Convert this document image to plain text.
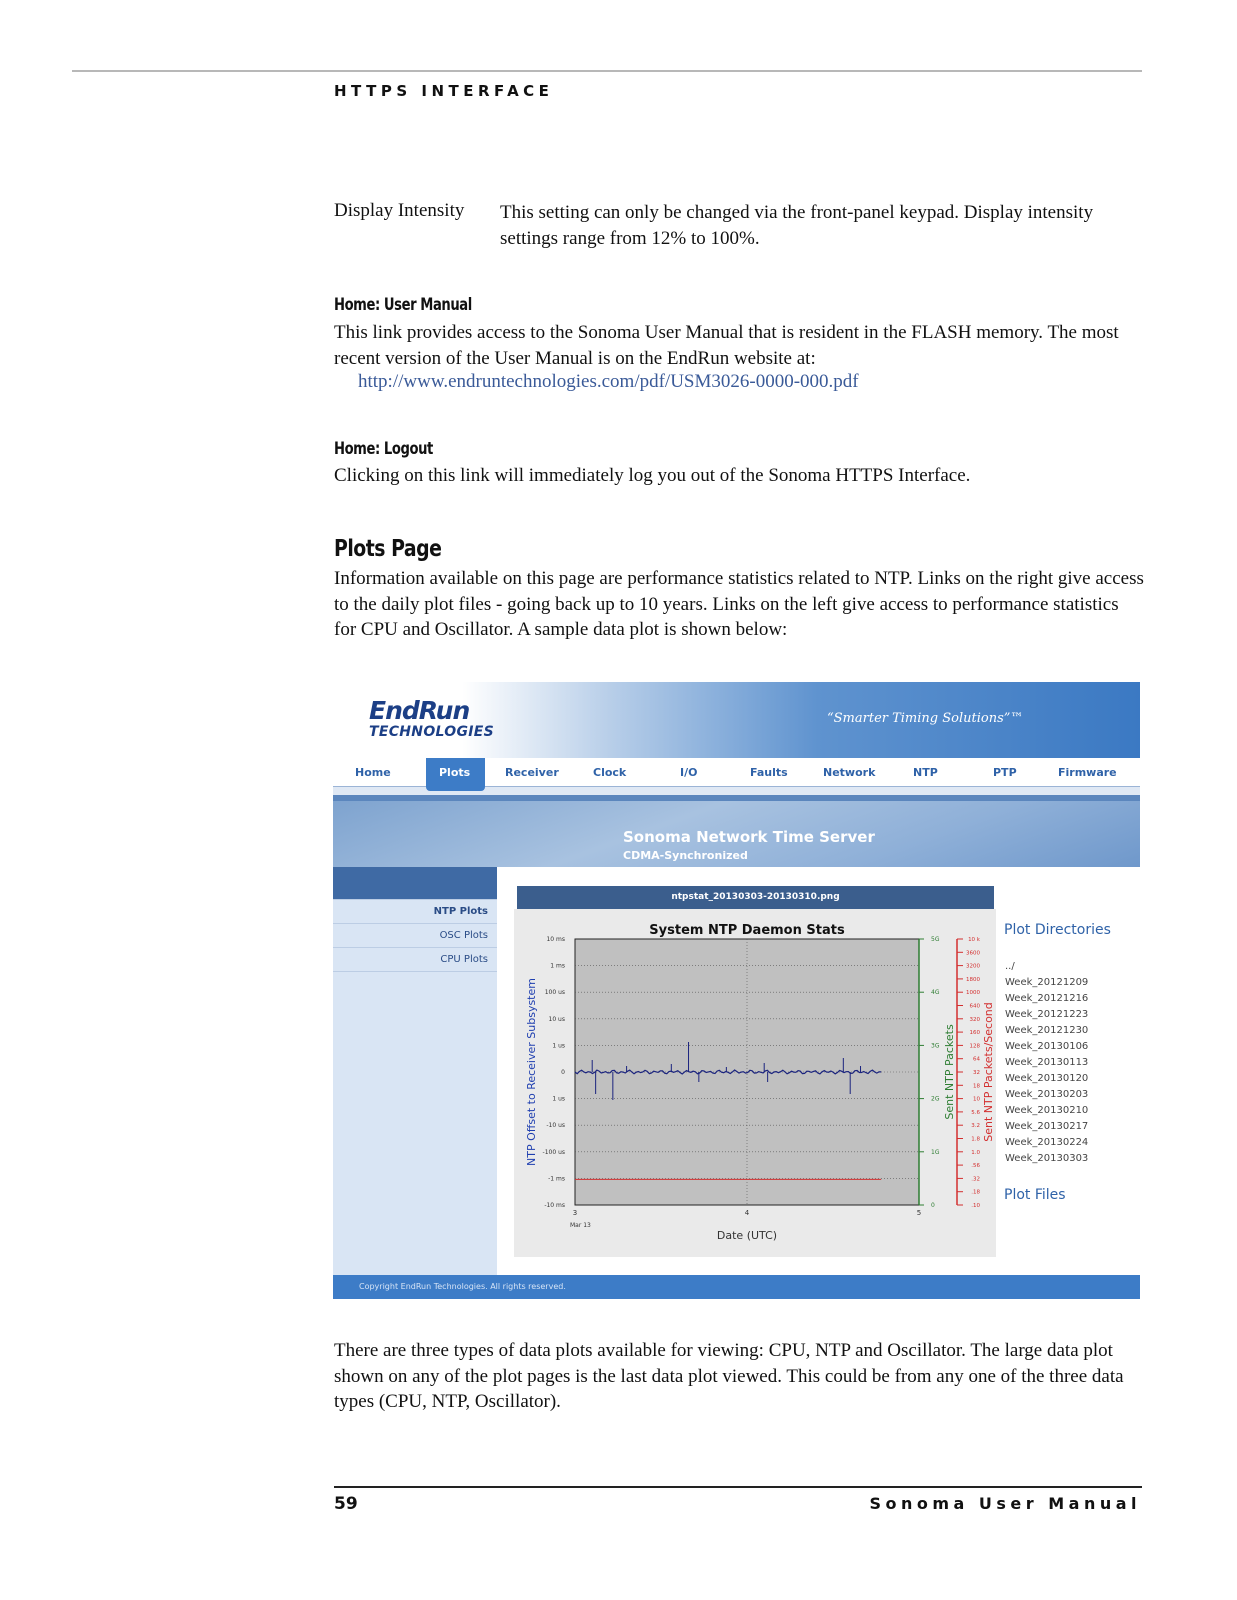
HTTPS INTERFACE
Display Intensity This setting can only be changed via the front-panel keypad. Display intensity settings range from 12% to 100%.
Home: User Manual

This link provides access to the Sonoma User Manual that is resident in the FLASH memory. The most recent version of the User Manual is on the EndRun website at:

http://www.endruntechnologies.com/pdf/USM3026-0000-000.pdf
Home: Logout

Clicking on this link will immediately log you out of the Sonoma HTTPS Interface.

Plots Page

Information available on this page are performance statistics related to NTP. Links on the right give access to the daily plot files - going back up to 10 years. Links on the left give access to performance statistics for CPU and Oscillator. A sample data plot is shown below:

EndRun
TECHNOLOGIES
“Smarter Timing Solutions”™
Home	Plots	Receiver	Clock	I/O	Faults	Network	NTP	PTP	Firmware
Sonoma Network Time Server
CDMA-Synchronized
NTP Plots
OSC Plots
CPU Plots
ntpstat_20130303-20130310.png
System NTP Daemon Stats
Date (UTC)
Mar 13
NTP Offset to Receiver Subsystem	Sent NTP Packets Sent NTP Packets/Second
10 ms
1 ms
100 us
10 us
1 us
0
1 us
-10 us
-100 us
-1 ms
-10 ms
3	4	5
5G
4G
3G
2G
1G
0
10 k
3600
3200
1800
1000
640
320
160
128
64
32
18
10
5.6
3.2
1.8
1.0
.56
.32
.18
.10
Plot Directories
../
Week_20121209
Week_20121216
Week_20121223
Week_20121230
Week_20130106
Week_20130113
Week_20130120
Week_20130203
Week_20130210
Week_20130217
Week_20130224
Week_20130303
Plot Files
Copyright EndRun Technologies. All rights reserved.

There are three types of data plots available for viewing: CPU, NTP and Oscillator. The large data plot shown on any of the plot pages is the last data plot viewed. This could be from any one of the three data types (CPU, NTP, Oscillator).

59	Sonoma User Manual
